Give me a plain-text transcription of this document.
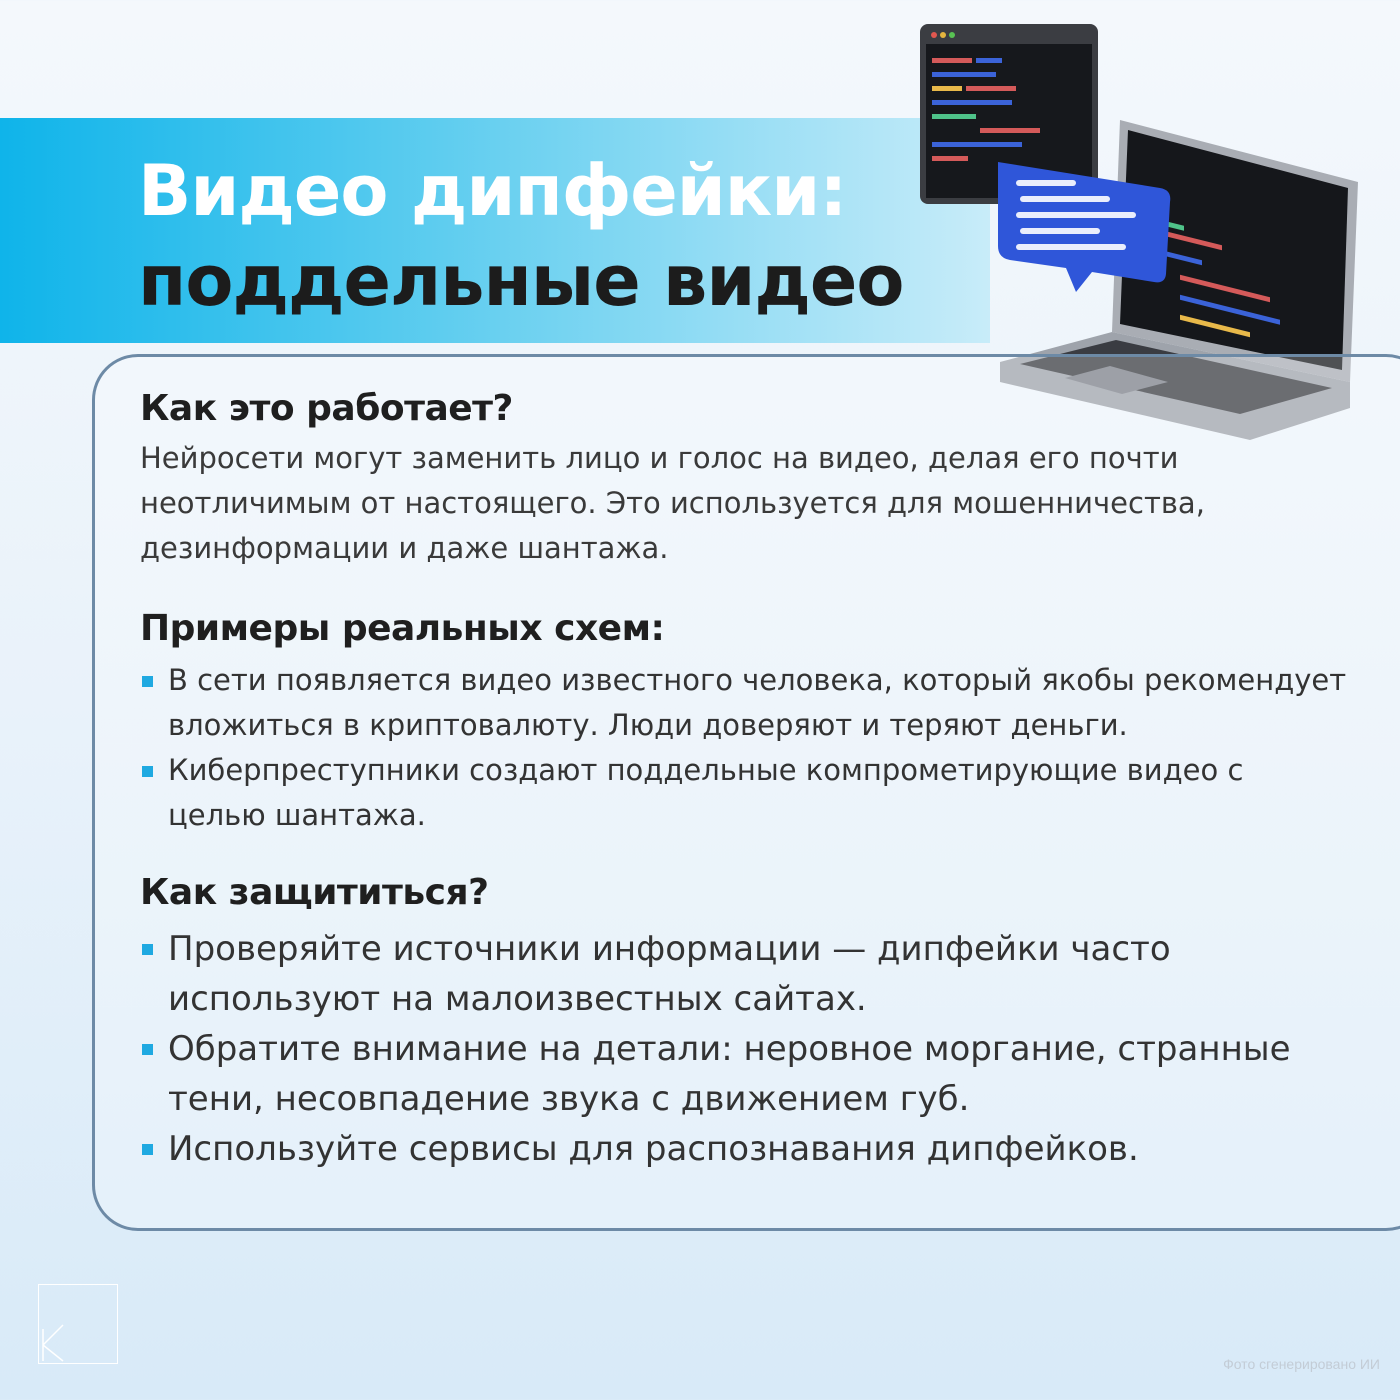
Видео дипфейки:
поддельные видео
Как это работает?

Нейросети могут заменить лицо и голос на видео, делая его почти неотличимым от настоящего. Это используется для мошенничества, дезинформации и даже шантажа.

Примеры реальных схем:
В сети появляется видео известного человека, который якобы рекомендует вложиться в криптовалюту. Люди доверяют и теряют деньги.
Киберпреступники создают поддельные компрометирующие видео с целью шантажа.
Как защититься?
Проверяйте источники информации — дипфейки часто используют на малоизвестных сайтах.
Обратите внимание на детали: неровное моргание, странные тени, несовпадение звука с движением губ.
Используйте сервисы для распознавания дипфейков.
Фото сгенерировано ИИ
